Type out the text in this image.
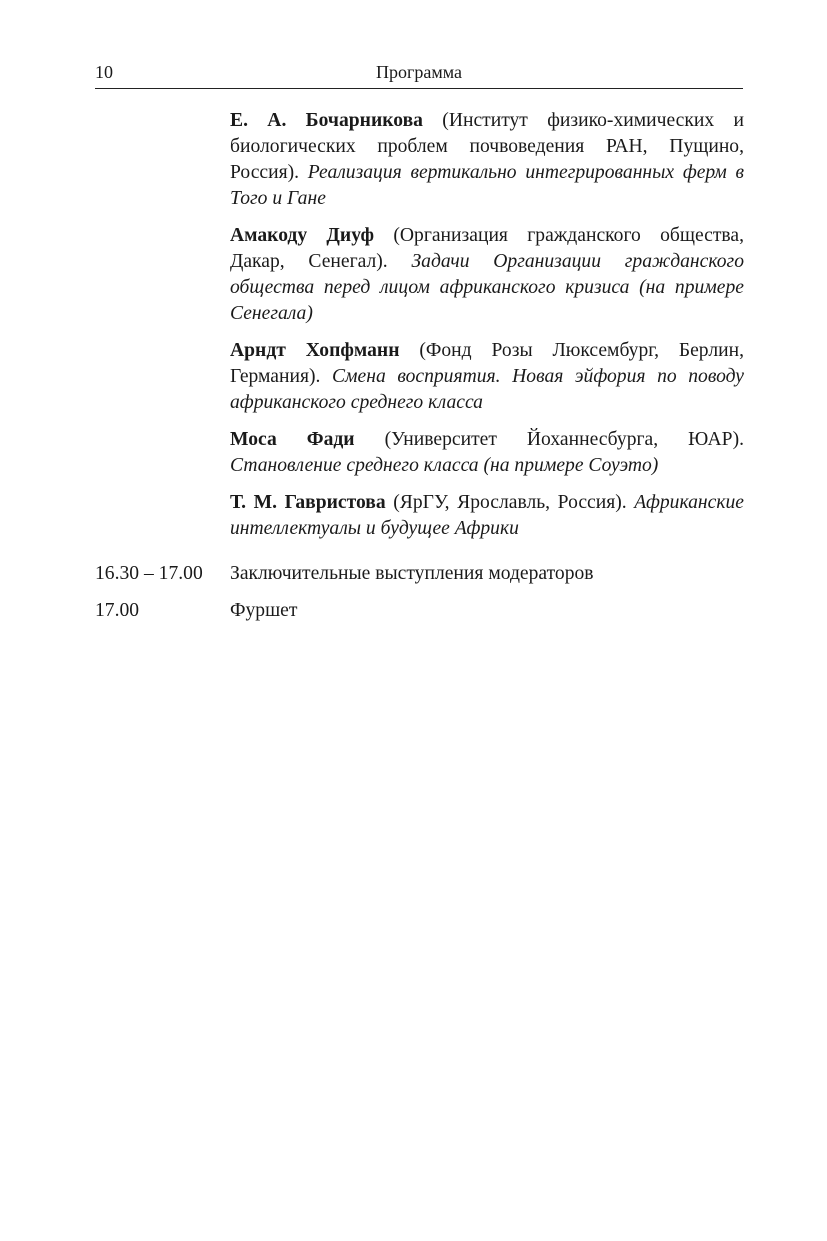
10	Программа

Е. А. Бочарникова (Институт физико-химических и биологических проблем почвоведения РАН, Пущино, Россия). Реализация вертикально интегрированных ферм в Того и Гане

Амакоду Диуф (Организация гражданского общества, Дакар, Сенегал). Задачи Организации гражданского общества перед лицом африканского кризиса (на примере Сенегала)

Арндт Хопфманн (Фонд Розы Люксембург, Берлин, Германия). Смена восприятия. Новая эйфория по поводу африканского среднего класса

Моса Фади (Университет Йоханнесбурга, ЮАР). Становление среднего класса (на примере Соуэто)

Т. М. Гавристова (ЯрГУ, Ярославль, Россия). Африканские интеллектуалы и будущее Африки

16.30 – 17.00	Заключительные выступления модераторов
17.00	Фуршет
